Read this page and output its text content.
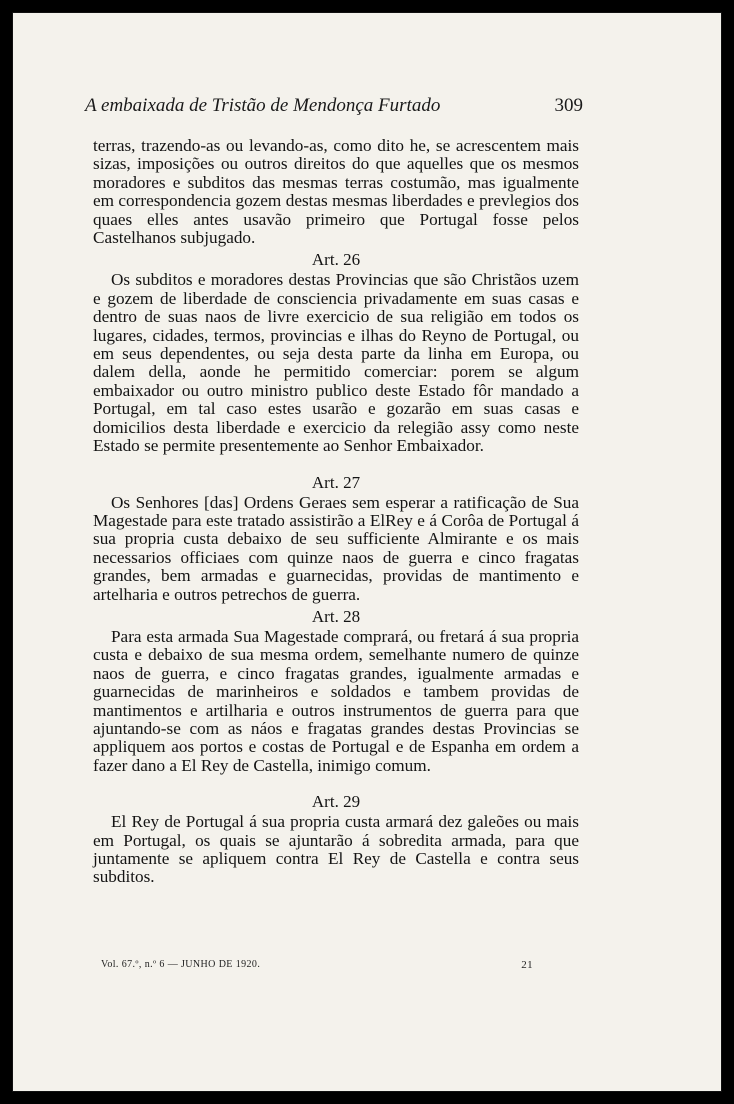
A embaixada de Tristão de Mendonça Furtado	309

terras, trazendo-as ou levando-as, como dito he, se acrescentem mais sizas, imposições ou outros direitos do que aquelles que os mesmos moradores e subditos das mesmas terras costumão, mas igualmente em correspondencia gozem destas mesmas liberdades e prevlegios dos quaes elles antes usavão primeiro que Portugal fosse pelos Castelhanos subjugado.

Art. 26

Os subditos e moradores destas Provincias que são Christãos uzem e gozem de liberdade de consciencia privadamente em suas casas e dentro de suas naos de livre exercicio de sua religião em todos os lugares, cidades, termos, provincias e ilhas do Reyno de Portugal, ou em seus dependentes, ou seja desta parte da linha em Europa, ou dalem della, aonde he permitido comerciar: porem se algum embaixador ou outro ministro publico deste Estado fôr mandado a Portugal, em tal caso estes usarão e gozarão em suas casas e domicilios desta liberdade e exercicio da relegião assy como neste Estado se permite presentemente ao Senhor Embaixador.

Art. 27

Os Senhores [das] Ordens Geraes sem esperar a ratificação de Sua Magestade para este tratado assistirão a ElRey e á Corôa de Portugal á sua propria custa debaixo de seu sufficiente Almirante e os mais necessarios officiaes com quinze naos de guerra e cinco fragatas grandes, bem armadas e guarnecidas, providas de mantimento e artelharia e outros petrechos de guerra.

Art. 28

Para esta armada Sua Magestade comprará, ou fretará á sua propria custa e debaixo de sua mesma ordem, semelhante numero de quinze naos de guerra, e cinco fragatas grandes, igualmente armadas e guarnecidas de marinheiros e soldados e tambem providas de mantimentos e artilharia e outros instrumentos de guerra para que ajuntando-se com as náos e fragatas grandes destas Provincias se appliquem aos portos e costas de Portugal e de Espanha em ordem a fazer dano a El Rey de Castella, inimigo comum.

Art. 29

El Rey de Portugal á sua propria custa armará dez galeões ou mais em Portugal, os quais se ajuntarão á sobredita armada, para que juntamente se apliquem contra El Rey de Castella e contra seus subditos.

Vol. 67.º, n.º 6 — JUNHO DE 1920.	21
